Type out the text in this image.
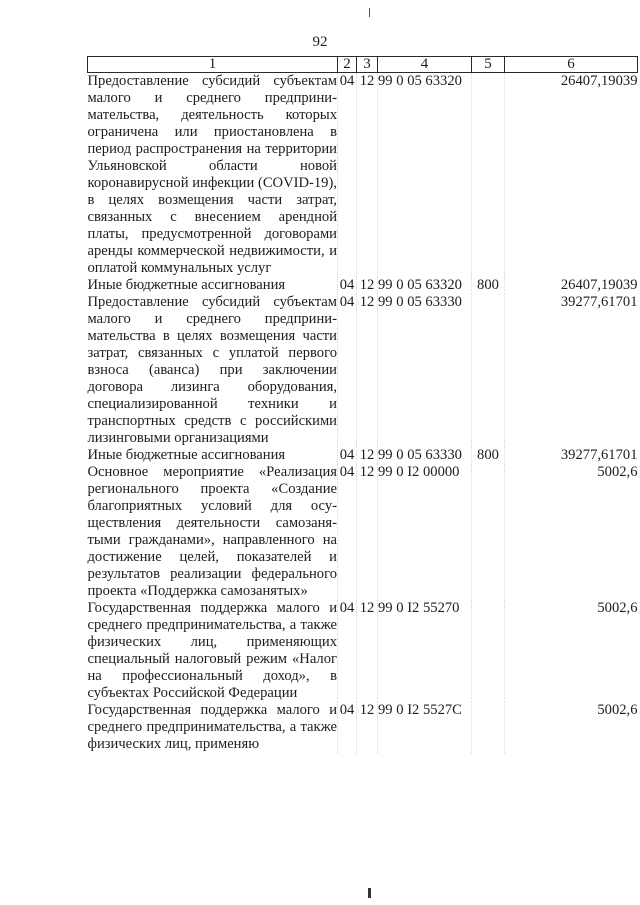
92
1	2	3	4	5	6
Предоставление субсидий субъектам малого и среднего предпринимательства, деятельность которых ограничена или приостановлена в период распространения на территории Ульяновской области новой коронавирусной инфекции (COVID-19), в целях возмещения части затрат, связанных с внесением арендной платы, предусмотренной договорами аренды коммерческой недвижимости, и оплатой коммунальных услуг	04	12	99 0 05 63320		26407,19039
Иные бюджетные ассигнования	04	12	99 0 05 63320	800	26407,19039
Предоставление субсидий субъектам малого и среднего предпринимательства в целях возмещения части затрат, связанных с уплатой первого взноса (аванса) при заключении договора лизинга оборудования, специализированной техники и транспортных средств с российскими лизинговыми организациями	04	12	99 0 05 63330		39277,61701
Иные бюджетные ассигнования	04	12	99 0 05 63330	800	39277,61701
Основное мероприятие «Реализация регионального проекта «Создание благоприятных условий для осуществления деятельности самозанятыми гражданами», направленного на достижение целей, показателей и результатов реализации федерального проекта «Поддержка самозанятых»	04	12	99 0 I2 00000		5002,6
Государственная поддержка малого и среднего предпринимательства, а также физических лиц, применяющих специальный налоговый режим «Налог на профессиональный доход», в субъектах Российской Федерации	04	12	99 0 I2 55270		5002,6
Государственная поддержка малого и среднего предпринимательства, а также физических лиц, применяю	04	12	99 0 I2 5527C		5002,6
